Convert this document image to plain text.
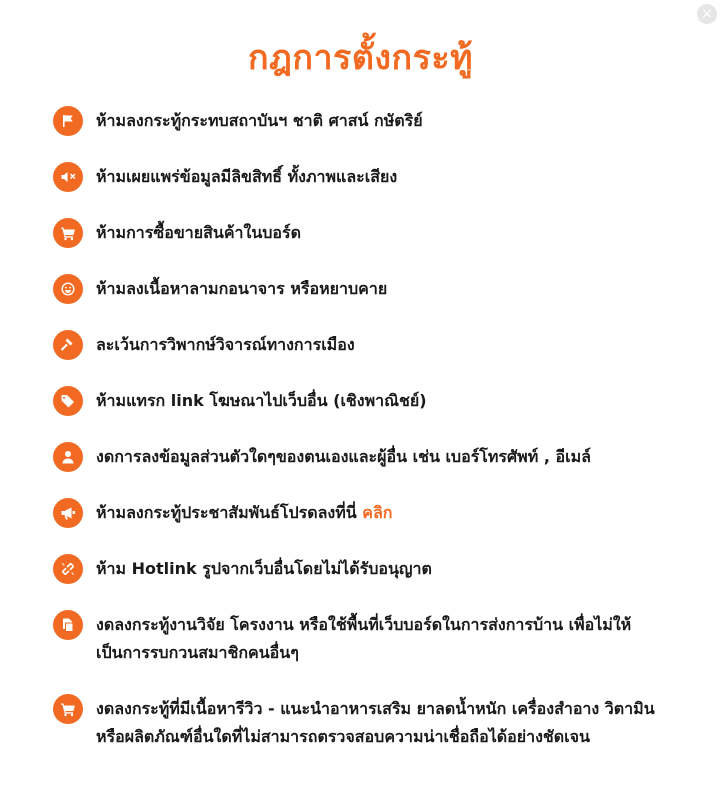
×
กฎการตั้งกระทู้
ห้ามลงกระทู้กระทบสถาบันฯ ชาติ ศาสน์ กษัตริย์
ห้ามเผยแพร่ข้อมูลมีลิขสิทธิ์ ทั้งภาพและเสียง
ห้ามการซื้อขายสินค้าในบอร์ด
ห้ามลงเนื้อหาลามกอนาจาร หรือหยาบคาย
ละเว้นการวิพากษ์วิจารณ์ทางการเมือง
ห้ามแทรก link โฆษณาไปเว็บอื่น (เชิงพาณิชย์)
งดการลงข้อมูลส่วนตัวใดๆของตนเองและผู้อื่น เช่น เบอร์โทรศัพท์ , อีเมล์
ห้ามลงกระทู้ประชาสัมพันธ์โปรดลงที่นี่ คลิก
ห้าม Hotlink รูปจากเว็บอื่นโดยไม่ได้รับอนุญาต
งดลงกระทู้งานวิจัย โครงงาน หรือใช้พื้นที่เว็บบอร์ดในการส่งการบ้าน เพื่อไม่ให้เป็นการรบกวนสมาชิกคนอื่นๆ
งดลงกระทู้ที่มีเนื้อหารีวิว - แนะนำอาหารเสริม ยาลดน้ำหนัก เครื่องสำอาง วิตามิน หรือผลิตภัณฑ์อื่นใดที่ไม่สามารถตรวจสอบความน่าเชื่อถือได้อย่างชัดเจน
